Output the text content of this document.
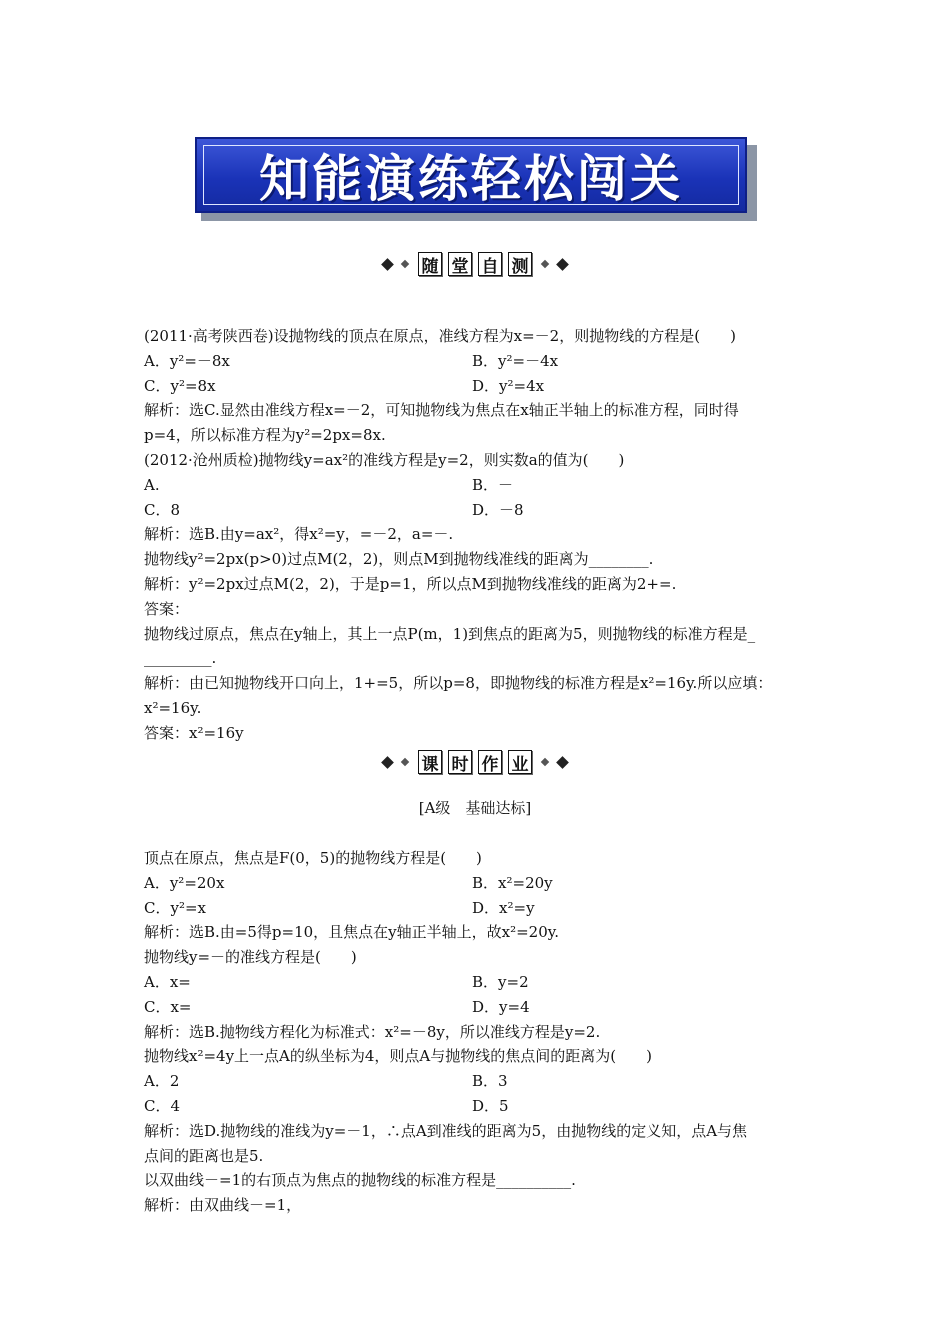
知能演练轻松闯关
随 堂 自 测
(2011·高考陕西卷)设抛物线的顶点在原点，准线方程为x=－2，则抛物线的方程是(　　)
A．y²=－8x	B．y²=－4x
C．y²=8x	D．y²=4x
解析：选C.显然由准线方程x=－2，可知抛物线为焦点在x轴正半轴上的标准方程，同时得
p=4，所以标准方程为y²=2px=8x.
(2012·沧州质检)抛物线y=ax²的准线方程是y=2，则实数a的值为(　　)
A.	B．－
C．8	D．－8
解析：选B.由y=ax²，得x²=y，=－2，a=－.
抛物线y²=2px(p>0)过点M(2，2)，则点M到抛物线准线的距离为________.
解析：y²=2px过点M(2，2)，于是p=1，所以点M到抛物线准线的距离为2+=.
答案：
抛物线过原点，焦点在y轴上，其上一点P(m，1)到焦点的距离为5，则抛物线的标准方程是_
_________.
解析：由已知抛物线开口向上，1+=5，所以p=8，即抛物线的标准方程是x²=16y.所以应填：
x²=16y.
答案：x²=16y
课 时 作 业
[A级　基础达标]
顶点在原点，焦点是F(0，5)的抛物线方程是(　　)
A．y²=20x	B．x²=20y
C．y²=x	D．x²=y
解析：选B.由=5得p=10，且焦点在y轴正半轴上，故x²=20y.
抛物线y=－的准线方程是(　　)
A．x=	B．y=2
C．x=	D．y=4
解析：选B.抛物线方程化为标准式：x²=－8y，所以准线方程是y=2.
抛物线x²=4y上一点A的纵坐标为4，则点A与抛物线的焦点间的距离为(　　)
A．2	B．3
C．4	D．5
解析：选D.抛物线的准线为y=－1，∴点A到准线的距离为5，由抛物线的定义知，点A与焦
点间的距离也是5.
以双曲线－=1的右顶点为焦点的抛物线的标准方程是__________.
解析：由双曲线－=1，
